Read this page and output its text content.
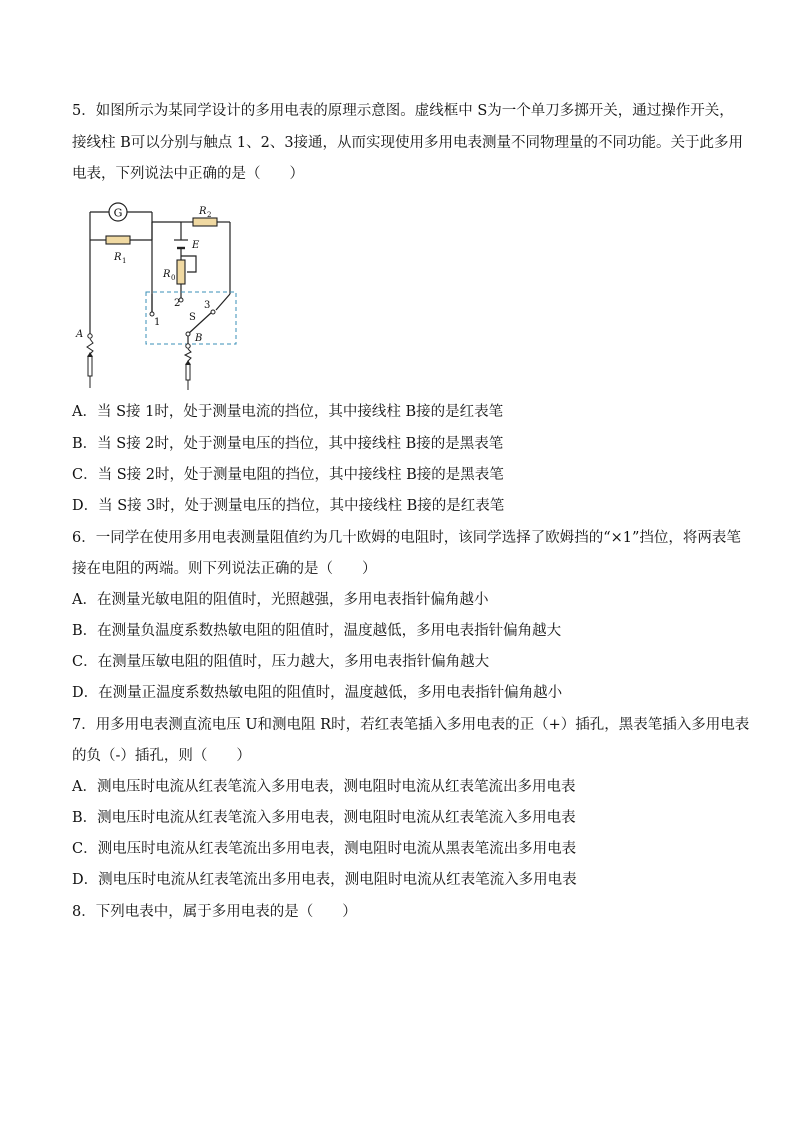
5．如图所示为某同学设计的多用电表的原理示意图。虚线框中 S为一个单刀多掷开关，通过操作开关，
接线柱 B可以分别与触点 1、2、3接通，从而实现使用多用电表测量不同物理量的不同功能。关于此多用
电表，下列说法中正确的是（　　）
G
R 1
R 2
E
R 0
1
2 3
S
A	B
A．当 S接 1时，处于测量电流的挡位，其中接线柱 B接的是红表笔
B．当 S接 2时，处于测量电压的挡位，其中接线柱 B接的是黑表笔
C．当 S接 2时，处于测量电阻的挡位，其中接线柱 B接的是黑表笔
D．当 S接 3时，处于测量电压的挡位，其中接线柱 B接的是红表笔
6．一同学在使用多用电表测量阻值约为几十欧姆的电阻时，该同学选择了欧姆挡的“×1”挡位，将两表笔
接在电阻的两端。则下列说法正确的是（　　）
A．在测量光敏电阻的阻值时，光照越强，多用电表指针偏角越小
B．在测量负温度系数热敏电阻的阻值时，温度越低，多用电表指针偏角越大
C．在测量压敏电阻的阻值时，压力越大，多用电表指针偏角越大
D．在测量正温度系数热敏电阻的阻值时，温度越低，多用电表指针偏角越小
7．用多用电表测直流电压 U和测电阻 R时，若红表笔插入多用电表的正（+）插孔，黑表笔插入多用电表
的负（-）插孔，则（　　）
A．测电压时电流从红表笔流入多用电表，测电阻时电流从红表笔流出多用电表
B．测电压时电流从红表笔流入多用电表，测电阻时电流从红表笔流入多用电表
C．测电压时电流从红表笔流出多用电表，测电阻时电流从黑表笔流出多用电表
D．测电压时电流从红表笔流出多用电表，测电阻时电流从红表笔流入多用电表
8．下列电表中，属于多用电表的是（　　）
